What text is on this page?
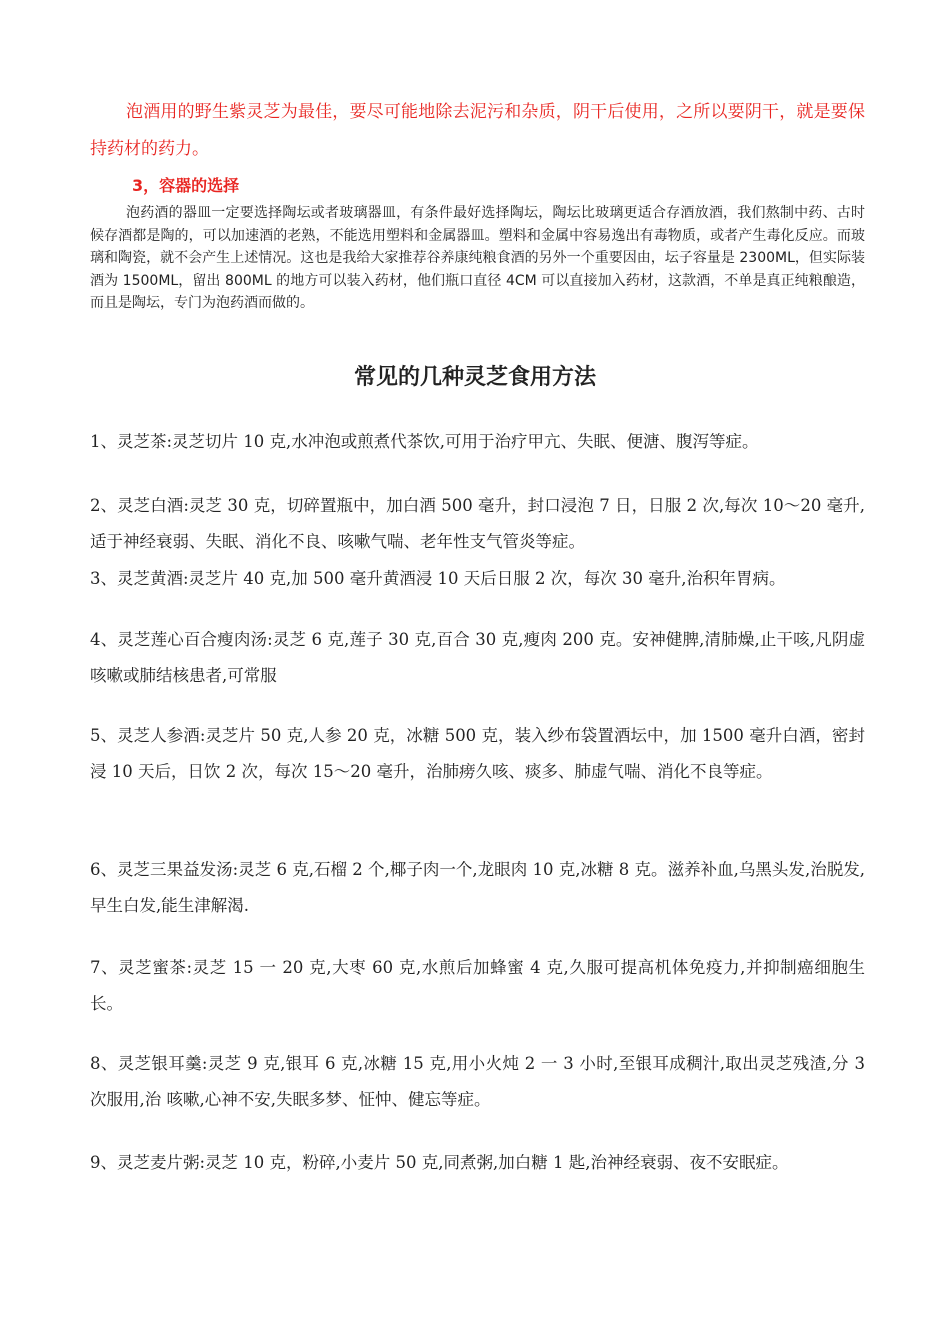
泡酒用的野生紫灵芝为最佳，要尽可能地除去泥污和杂质，阴干后使用，之所以要阴干，就是要保持药材的药力。

3，容器的选择

泡药酒的器皿一定要选择陶坛或者玻璃器皿，有条件最好选择陶坛，陶坛比玻璃更适合存酒放酒，我们熬制中药、古时候存酒都是陶的，可以加速酒的老熟，不能选用塑料和金属器皿。塑料和金属中容易逸出有毒物质，或者产生毒化反应。而玻璃和陶瓷，就不会产生上述情况。这也是我给大家推荐谷养康纯粮食酒的另外一个重要因由，坛子容量是 2300ML，但实际装酒为 1500ML，留出 800ML 的地方可以装入药材，他们瓶口直径 4CM 可以直接加入药材，这款酒，不单是真正纯粮酿造，而且是陶坛，专门为泡药酒而做的。

常见的几种灵芝食用方法

1、灵芝茶:灵芝切片 10 克,水冲泡或煎煮代茶饮,可用于治疗甲亢、失眠、便溏、腹泻等症。

2、灵芝白酒:灵芝 30 克，切碎置瓶中，加白酒 500 毫升，封口浸泡 7 日，日服 2 次,每次 10～20 毫升,适于神经衰弱、失眠、消化不良、咳嗽气喘、老年性支气管炎等症。

3、灵芝黄酒:灵芝片 40 克,加 500 毫升黄酒浸 10 天后日服 2 次，每次 30 毫升,治积年胃病。

4、灵芝莲心百合瘦肉汤:灵芝 6 克,莲子 30 克,百合 30 克,瘦肉 200 克。安神健脾,清肺燥,止干咳,凡阴虚咳嗽或肺结核患者,可常服

5、灵芝人参酒:灵芝片 50 克,人参 20 克，冰糖 500 克，装入纱布袋置酒坛中，加 1500 毫升白酒，密封浸 10 天后，日饮 2 次，每次 15～20 毫升，治肺痨久咳、痰多、肺虚气喘、消化不良等症。

6、灵芝三果益发汤:灵芝 6 克,石榴 2 个,椰子肉一个,龙眼肉 10 克,冰糖 8 克。滋养补血,乌黑头发,治脱发,早生白发,能生津解渴.

7、灵芝蜜茶:灵芝 15 一 20 克,大枣 60 克,水煎后加蜂蜜 4 克,久服可提高机体免疫力,并抑制癌细胞生长。

8、灵芝银耳羹:灵芝 9 克,银耳 6 克,冰糖 15 克,用小火炖 2 一 3 小时,至银耳成稠汁,取出灵芝残渣,分 3 次服用,治 咳嗽,心神不安,失眠多梦、怔忡、健忘等症。

9、灵芝麦片粥:灵芝 10 克，粉碎,小麦片 50 克,同煮粥,加白糖 1 匙,治神经衰弱、夜不安眠症。
